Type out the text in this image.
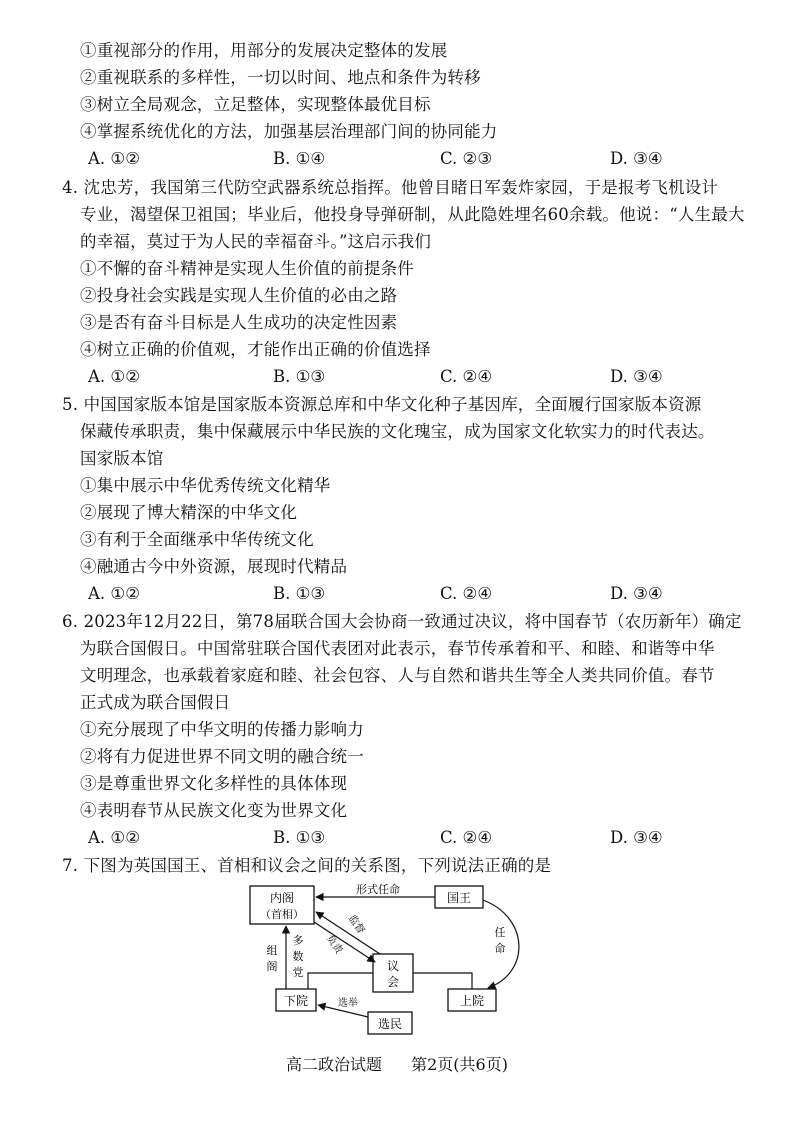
①重视部分的作用，用部分的发展决定整体的发展
②重视联系的多样性，一切以时间、地点和条件为转移
③树立全局观念，立足整体，实现整体最优目标
④掌握系统优化的方法，加强基层治理部门间的协同能力
A. ①②	B. ①④	C. ②③	D. ③④
4. 沈忠芳，我国第三代防空武器系统总指挥。他曾目睹日军轰炸家园，于是报考飞机设计
专业，渴望保卫祖国；毕业后，他投身导弹研制，从此隐姓埋名60余载。他说：“人生最大
的幸福，莫过于为人民的幸福奋斗。”这启示我们
①不懈的奋斗精神是实现人生价值的前提条件
②投身社会实践是实现人生价值的必由之路
③是否有奋斗目标是人生成功的决定性因素
④树立正确的价值观，才能作出正确的价值选择
A. ①②	B. ①③	C. ②④	D. ③④
5. 中国国家版本馆是国家版本资源总库和中华文化种子基因库，全面履行国家版本资源
保藏传承职责，集中保藏展示中华民族的文化瑰宝，成为国家文化软实力的时代表达。
国家版本馆
①集中展示中华优秀传统文化精华
②展现了博大精深的中华文化
③有利于全面继承中华传统文化
④融通古今中外资源，展现时代精品
A. ①②	B. ①③	C. ②④	D. ③④
6. 2023年12月22日，第78届联合国大会协商一致通过决议，将中国春节（农历新年）确定
为联合国假日。中国常驻联合国代表团对此表示，春节传承着和平、和睦、和谐等中华
文明理念，也承载着家庭和睦、社会包容、人与自然和谐共生等全人类共同价值。春节
正式成为联合国假日
①充分展现了中华文明的传播力影响力
②将有力促进世界不同文明的融合统一
③是尊重世界文化多样性的具体体现
④表明春节从民族文化变为世界文化
A. ①②	B. ①③	C. ②④	D. ③④
7. 下图为英国国王、首相和议会之间的关系图，下列说法正确的是
内阁
（首相）
国王
议
会
下院	上院
选民
形式任命
任
命
监督
负责
组
阁
多
数
党
选举
高二政治试题 第2页(共6页)
